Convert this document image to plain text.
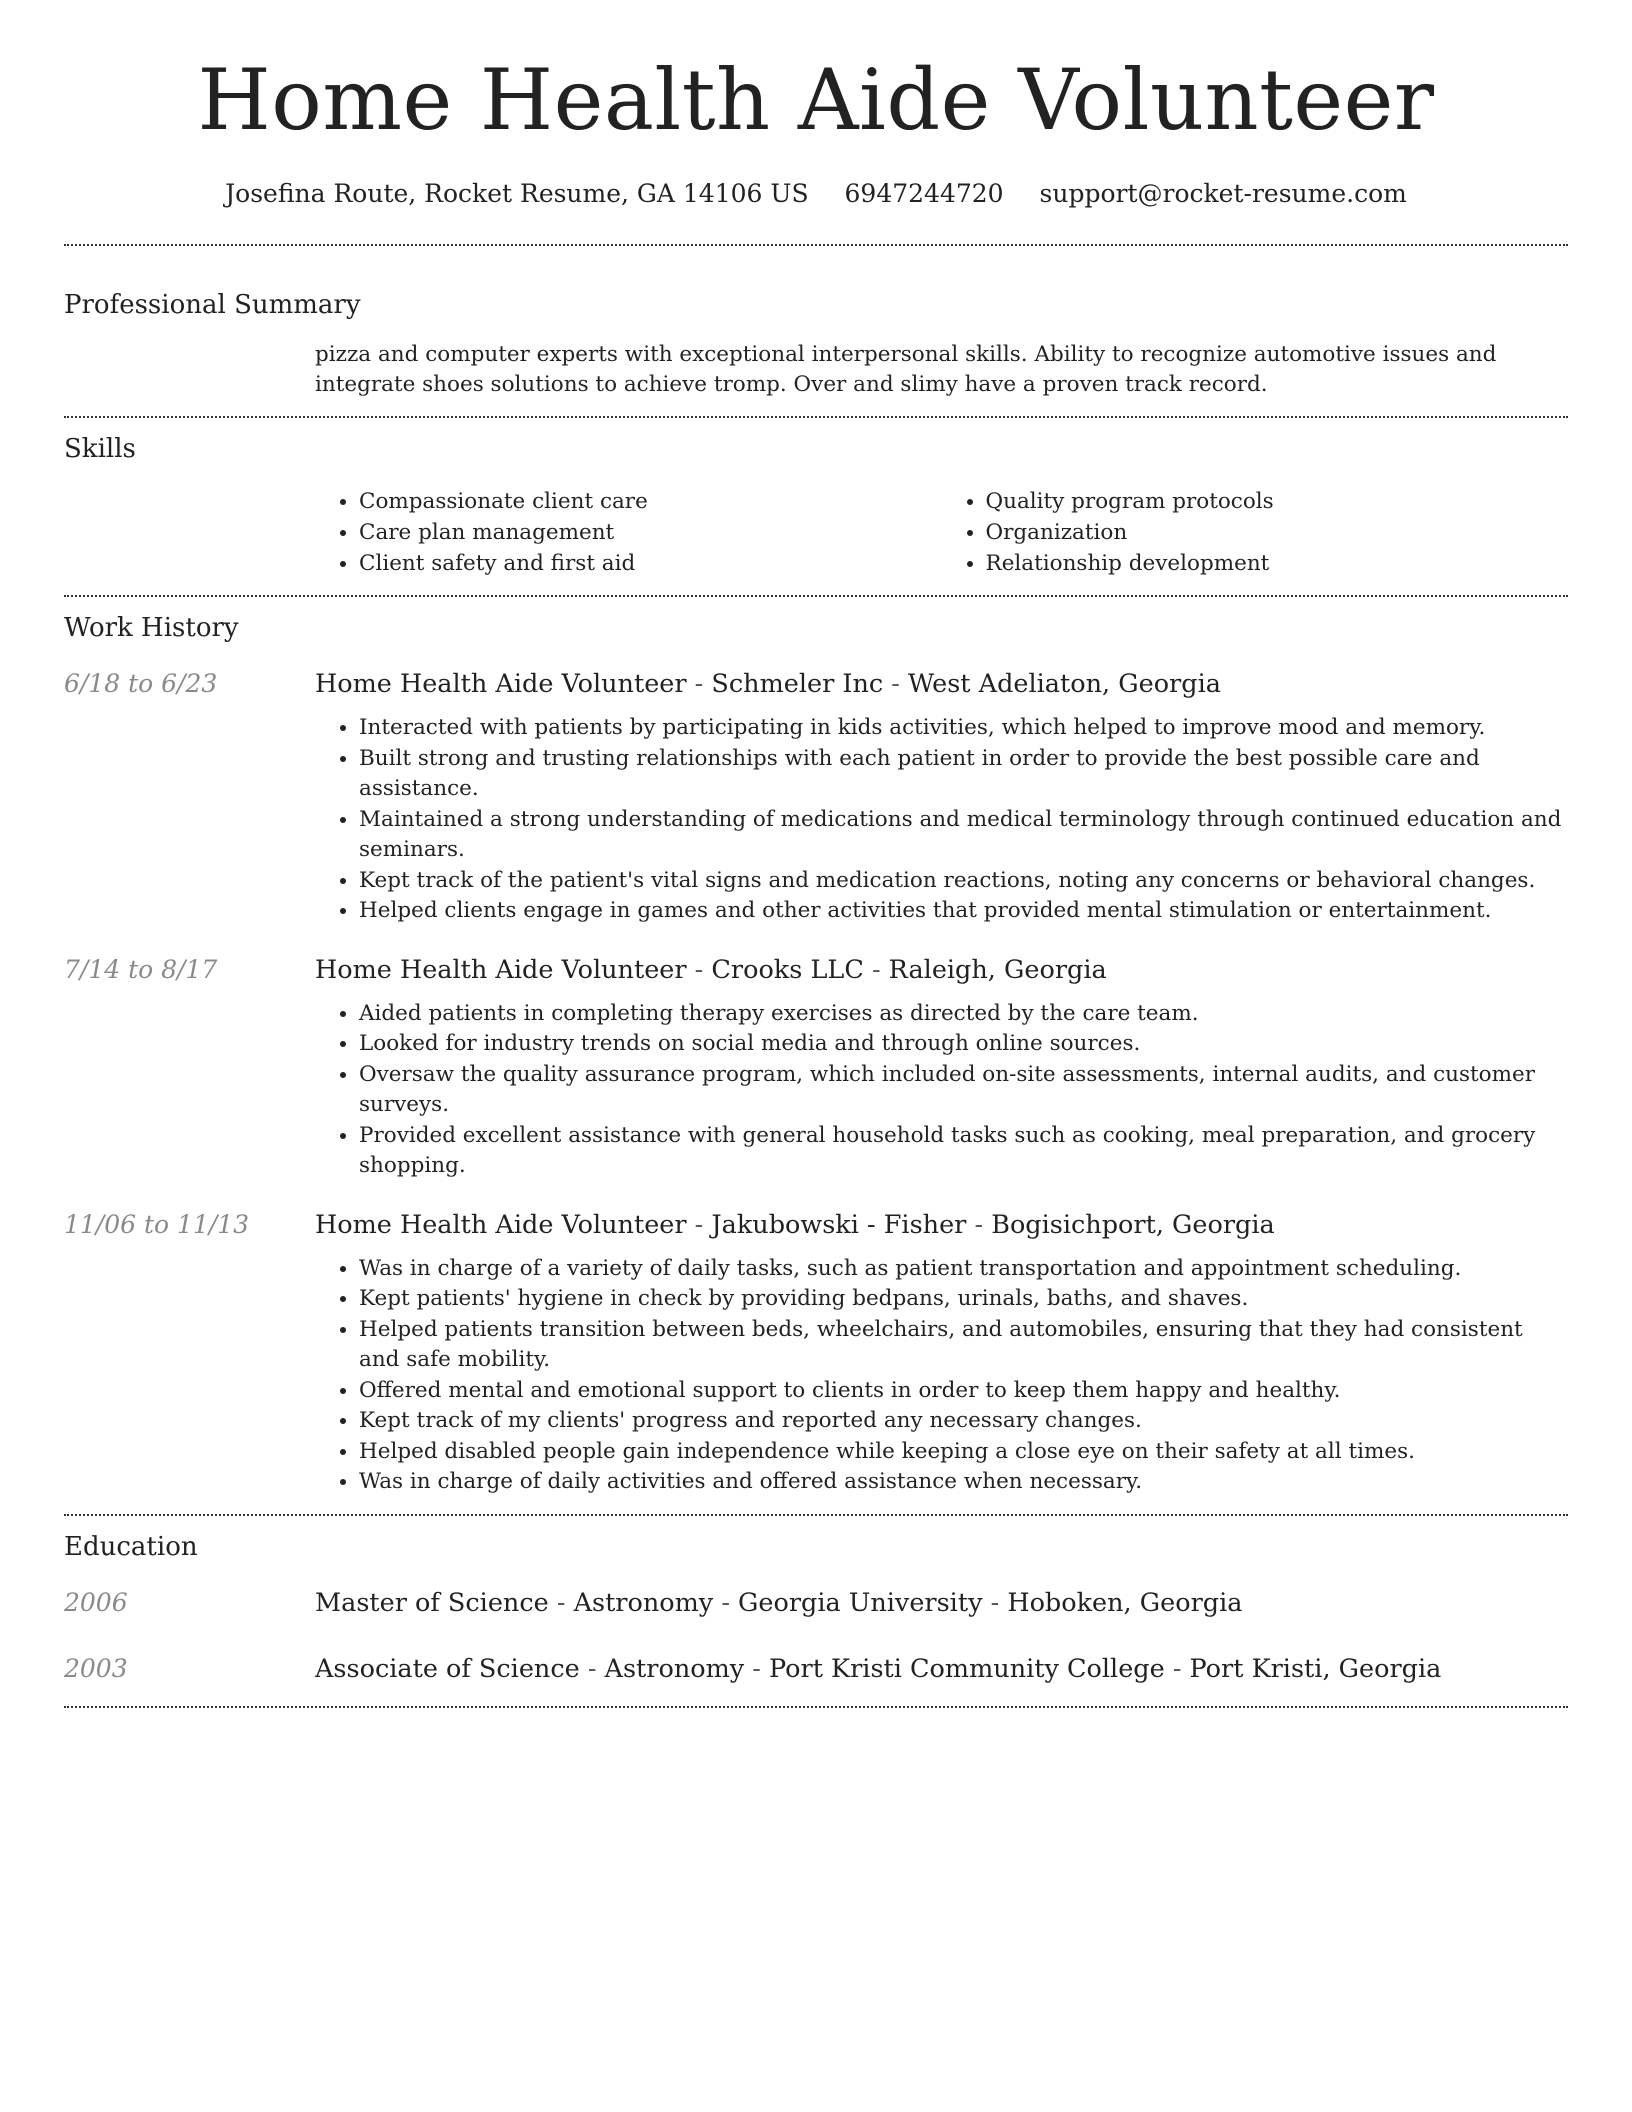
Home Health Aide Volunteer
Josefina Route, Rocket Resume, GA 14106 US 6947244720 support@rocket-resume.com
Professional Summary

pizza and computer experts with exceptional interpersonal skills. Ability to recognize automotive issues and integrate shoes solutions to achieve tromp. Over and slimy have a proven track record.

Skills
• Compassionate client care
• Care plan management
• Client safety and first aid
• Quality program protocols
• Organization
• Relationship development
Work History
6/18 to 6/23	Home Health Aide Volunteer - Schmeler Inc - West Adeliaton, Georgia
• Interacted with patients by participating in kids activities, which helped to improve mood and memory.
• Built strong and trusting relationships with each patient in order to provide the best possible care and assistance.
• Maintained a strong understanding of medications and medical terminology through continued education and seminars.
• Kept track of the patient's vital signs and medication reactions, noting any concerns or behavioral changes.
• Helped clients engage in games and other activities that provided mental stimulation or entertainment.
7/14 to 8/17	Home Health Aide Volunteer - Crooks LLC - Raleigh, Georgia
• Aided patients in completing therapy exercises as directed by the care team.
• Looked for industry trends on social media and through online sources.
• Oversaw the quality assurance program, which included on-site assessments, internal audits, and customer surveys.
• Provided excellent assistance with general household tasks such as cooking, meal preparation, and grocery shopping.
11/06 to 11/13	Home Health Aide Volunteer - Jakubowski - Fisher - Bogisichport, Georgia
• Was in charge of a variety of daily tasks, such as patient transportation and appointment scheduling.
• Kept patients' hygiene in check by providing bedpans, urinals, baths, and shaves.
• Helped patients transition between beds, wheelchairs, and automobiles, ensuring that they had consistent and safe mobility.
• Offered mental and emotional support to clients in order to keep them happy and healthy.
• Kept track of my clients' progress and reported any necessary changes.
• Helped disabled people gain independence while keeping a close eye on their safety at all times.
• Was in charge of daily activities and offered assistance when necessary.
Education
2006	Master of Science - Astronomy - Georgia University - Hoboken, Georgia
2003	Associate of Science - Astronomy - Port Kristi Community College - Port Kristi, Georgia
